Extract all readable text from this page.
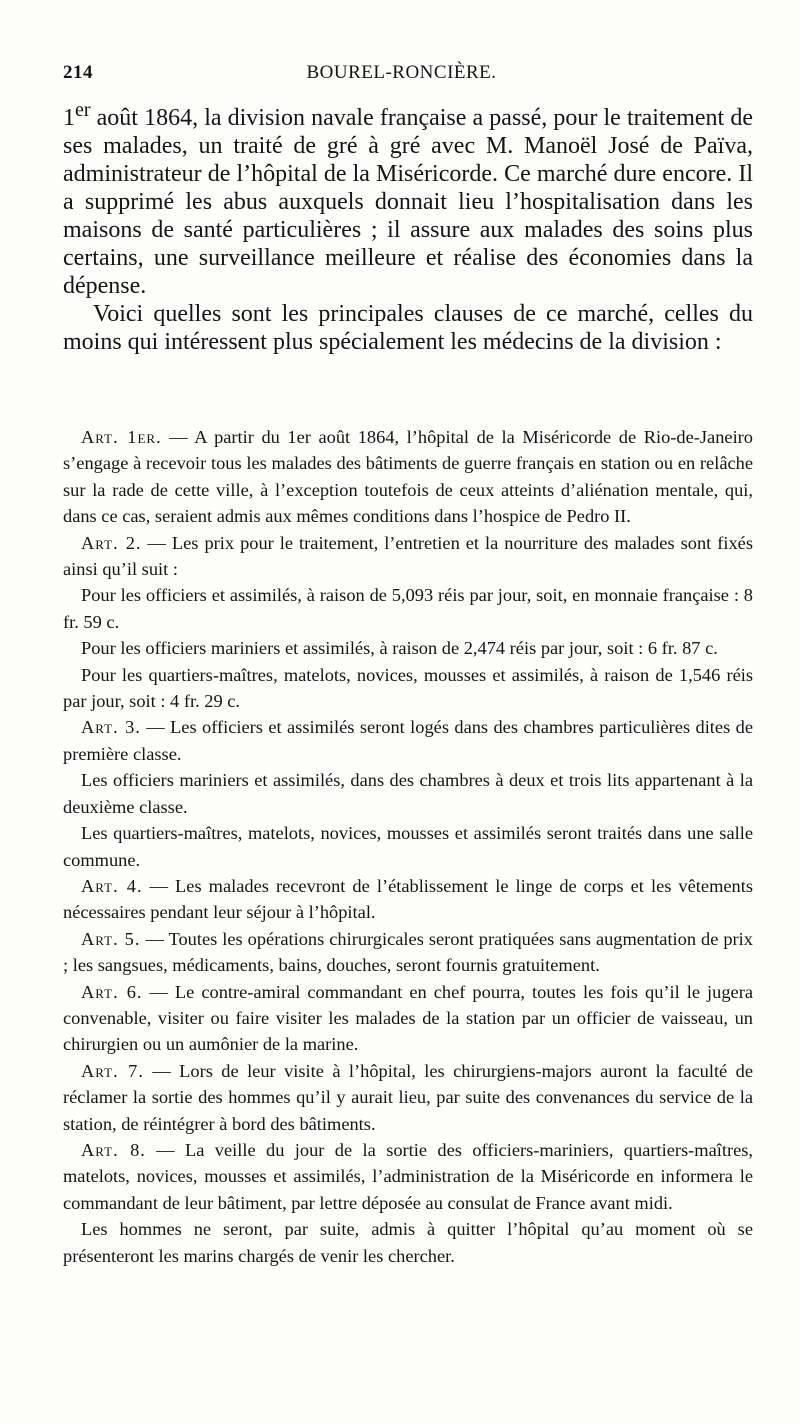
214	BOUREL-RONCIÈRE.

1er août 1864, la division navale française a passé, pour le traitement de ses malades, un traité de gré à gré avec M. Manoël José de Païva, administrateur de l’hôpital de la Miséricorde. Ce marché dure encore. Il a supprimé les abus auxquels donnait lieu l’hospitalisation dans les maisons de santé particulières ; il assure aux malades des soins plus certains, une surveillance meilleure et réalise des économies dans la dépense.

Voici quelles sont les principales clauses de ce marché, celles du moins qui intéressent plus spécialement les médecins de la division :

Art. 1er. — A partir du 1er août 1864, l’hôpital de la Miséricorde de Rio-de-Janeiro s’engage à recevoir tous les malades des bâtiments de guerre français en station ou en relâche sur la rade de cette ville, à l’exception toutefois de ceux atteints d’aliénation mentale, qui, dans ce cas, seraient admis aux mêmes conditions dans l’hospice de Pedro II.

Art. 2. — Les prix pour le traitement, l’entretien et la nourriture des malades sont fixés ainsi qu’il suit :

Pour les officiers et assimilés, à raison de 5,093 réis par jour, soit, en monnaie française : 8 fr. 59 c.

Pour les officiers mariniers et assimilés, à raison de 2,474 réis par jour, soit : 6 fr. 87 c.

Pour les quartiers-maîtres, matelots, novices, mousses et assimilés, à raison de 1,546 réis par jour, soit : 4 fr. 29 c.

Art. 3. — Les officiers et assimilés seront logés dans des chambres particulières dites de première classe.

Les officiers mariniers et assimilés, dans des chambres à deux et trois lits appartenant à la deuxième classe.

Les quartiers-maîtres, matelots, novices, mousses et assimilés seront traités dans une salle commune.

Art. 4. — Les malades recevront de l’établissement le linge de corps et les vêtements nécessaires pendant leur séjour à l’hôpital.

Art. 5. — Toutes les opérations chirurgicales seront pratiquées sans augmentation de prix ; les sangsues, médicaments, bains, douches, seront fournis gratuitement.

Art. 6. — Le contre-amiral commandant en chef pourra, toutes les fois qu’il le jugera convenable, visiter ou faire visiter les malades de la station par un officier de vaisseau, un chirurgien ou un aumônier de la marine.

Art. 7. — Lors de leur visite à l’hôpital, les chirurgiens-majors auront la faculté de réclamer la sortie des hommes qu’il y aurait lieu, par suite des convenances du service de la station, de réintégrer à bord des bâtiments.

Art. 8. — La veille du jour de la sortie des officiers-mariniers, quartiers-maîtres, matelots, novices, mousses et assimilés, l’administration de la Miséricorde en informera le commandant de leur bâtiment, par lettre déposée au consulat de France avant midi.

Les hommes ne seront, par suite, admis à quitter l’hôpital qu’au moment où se présenteront les marins chargés de venir les chercher.
